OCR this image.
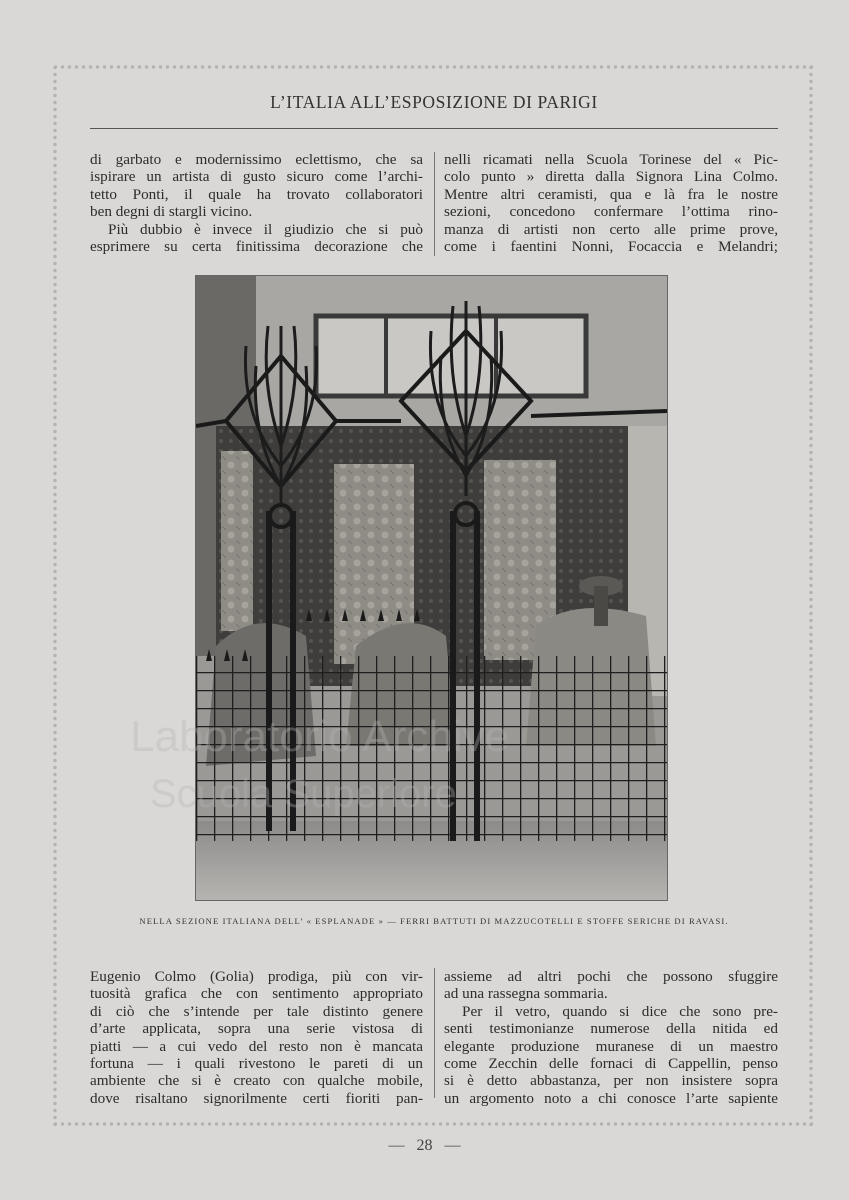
L’ITALIA ALL’ESPOSIZIONE DI PARIGI
di garbato e modernissimo eclettismo, che sa
ispirare un artista di gusto sicuro come l’archi-
tetto Ponti, il quale ha trovato collaboratori
ben degni di stargli vicino.
Più dubbio è invece il giudizio che si può
esprimere su certa finitissima decorazione che
nelli ricamati nella Scuola Torinese del « Pic-
colo punto » diretta dalla Signora Lina Colmo.
Mentre altri ceramisti, qua e là fra le nostre
sezioni, concedono confermare l’ottima rino-
manza di artisti non certo alle prime prove,
come i faentini Nonni, Focaccia e Melandri;
NELLA SEZIONE ITALIANA DELL’ « ESPLANADE » — FERRI BATTUTI DI MAZZUCOTELLI E STOFFE SERICHE DI RAVASI.
Eugenio Colmo (Golia) prodiga, più con vir-
tuosità grafica che con sentimento appropriato
di ciò che s’intende per tale distinto genere
d’arte applicata, sopra una serie vistosa di
piatti — a cui vedo del resto non è mancata
fortuna — i quali rivestono le pareti di un
ambiente che si è creato con qualche mobile,
dove risaltano signorilmente certi fioriti pan-
assieme ad altri pochi che possono sfuggire
ad una rassegna sommaria.
Per il vetro, quando si dice che sono pre-
senti testimonianze numerose della nitida ed
elegante produzione muranese di un maestro
come Zecchin delle fornaci di Cappellin, penso
si è detto abbastanza, per non insistere sopra
un argomento noto a chi conosce l’arte sapiente
Laboratorio Archive
Scuola Superiore
— 28 —
